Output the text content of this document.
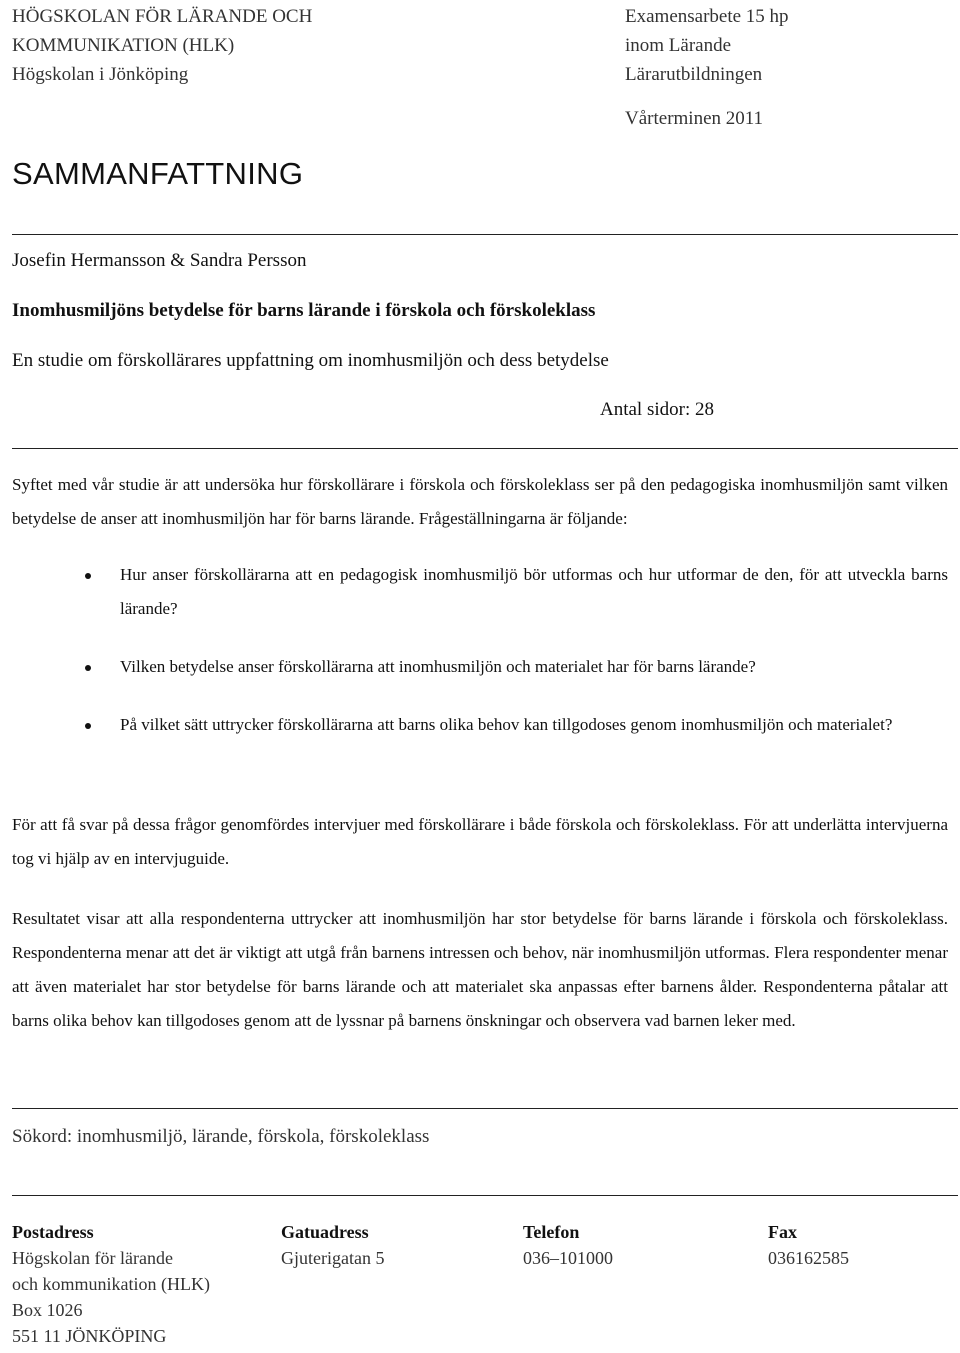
HÖGSKOLAN FÖR LÄRANDE OCH
KOMMUNIKATION (HLK)
Högskolan i Jönköping
Examensarbete 15 hp
inom Lärande
Lärarutbildningen
Vårterminen 2011
SAMMANFATTNING
Josefin Hermansson & Sandra Persson
Inomhusmiljöns betydelse för barns lärande i förskola och förskoleklass
En studie om förskollärares uppfattning om inomhusmiljön och dess betydelse
Antal sidor: 28
Syftet med vår studie är att undersöka hur förskollärare i förskola och förskoleklass ser på den pedagogiska inomhusmiljön samt vilken betydelse de anser att inomhusmiljön har för barns lärande. Frågeställningarna är följande:
Hur anser förskollärarna att en pedagogisk inomhusmiljö bör utformas och hur utformar de den, för att utveckla barns lärande?
Vilken betydelse anser förskollärarna att inomhusmiljön och materialet har för barns lärande?
På vilket sätt uttrycker förskollärarna att barns olika behov kan tillgodoses genom inomhusmiljön och materialet?
För att få svar på dessa frågor genomfördes intervjuer med förskollärare i både förskola och förskoleklass. För att underlätta intervjuerna tog vi hjälp av en intervjuguide.
Resultatet visar att alla respondenterna uttrycker att inomhusmiljön har stor betydelse för barns lärande i förskola och förskoleklass. Respondenterna menar att det är viktigt att utgå från barnens intressen och behov, när inomhusmiljön utformas. Flera respondenter menar att även materialet har stor betydelse för barns lärande och att materialet ska anpassas efter barnens ålder. Respondenterna påtalar att barns olika behov kan tillgodoses genom att de lyssnar på barnens önskningar och observera vad barnen leker med.
Sökord: inomhusmiljö, lärande, förskola, förskoleklass
Postadress
Högskolan för lärande
och kommunikation (HLK)
Box 1026
551 11 JÖNKÖPING
Gatuadress
Gjuterigatan 5
Telefon
036–101000
Fax
036162585
